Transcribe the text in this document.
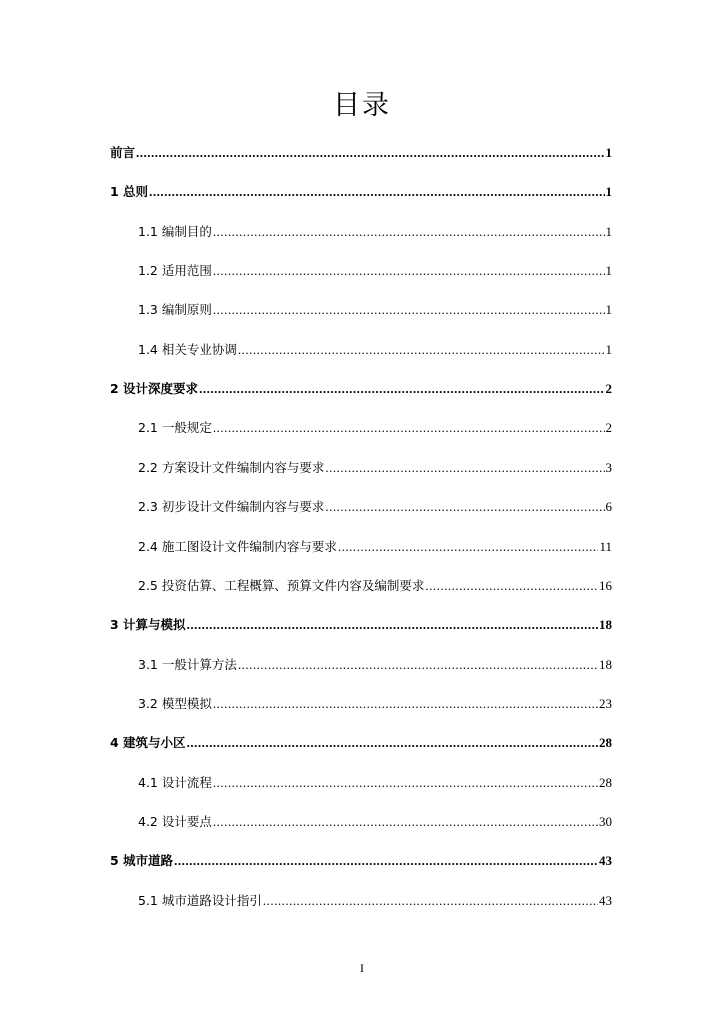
目录
前言 .....	1
1 总则 .....	1
1.1 编制目的 .....	1
1.2 适用范围 .....	1
1.3 编制原则 .....	1
1.4 相关专业协调 .....	1
2 设计深度要求 .....	2
2.1 一般规定 .....	2
2.2 方案设计文件编制内容与要求 .....	3
2.3 初步设计文件编制内容与要求 .....	6
2.4 施工图设计文件编制内容与要求 .....	11
2.5 投资估算、工程概算、预算文件内容及编制要求 .....	16
3 计算与模拟 .....	18
3.1 一般计算方法 .....	18
3.2 模型模拟 .....	23
4 建筑与小区 .....	28
4.1 设计流程 .....	28
4.2 设计要点 .....	30
5 城市道路 .....	43
5.1 城市道路设计指引 .....	43
I
